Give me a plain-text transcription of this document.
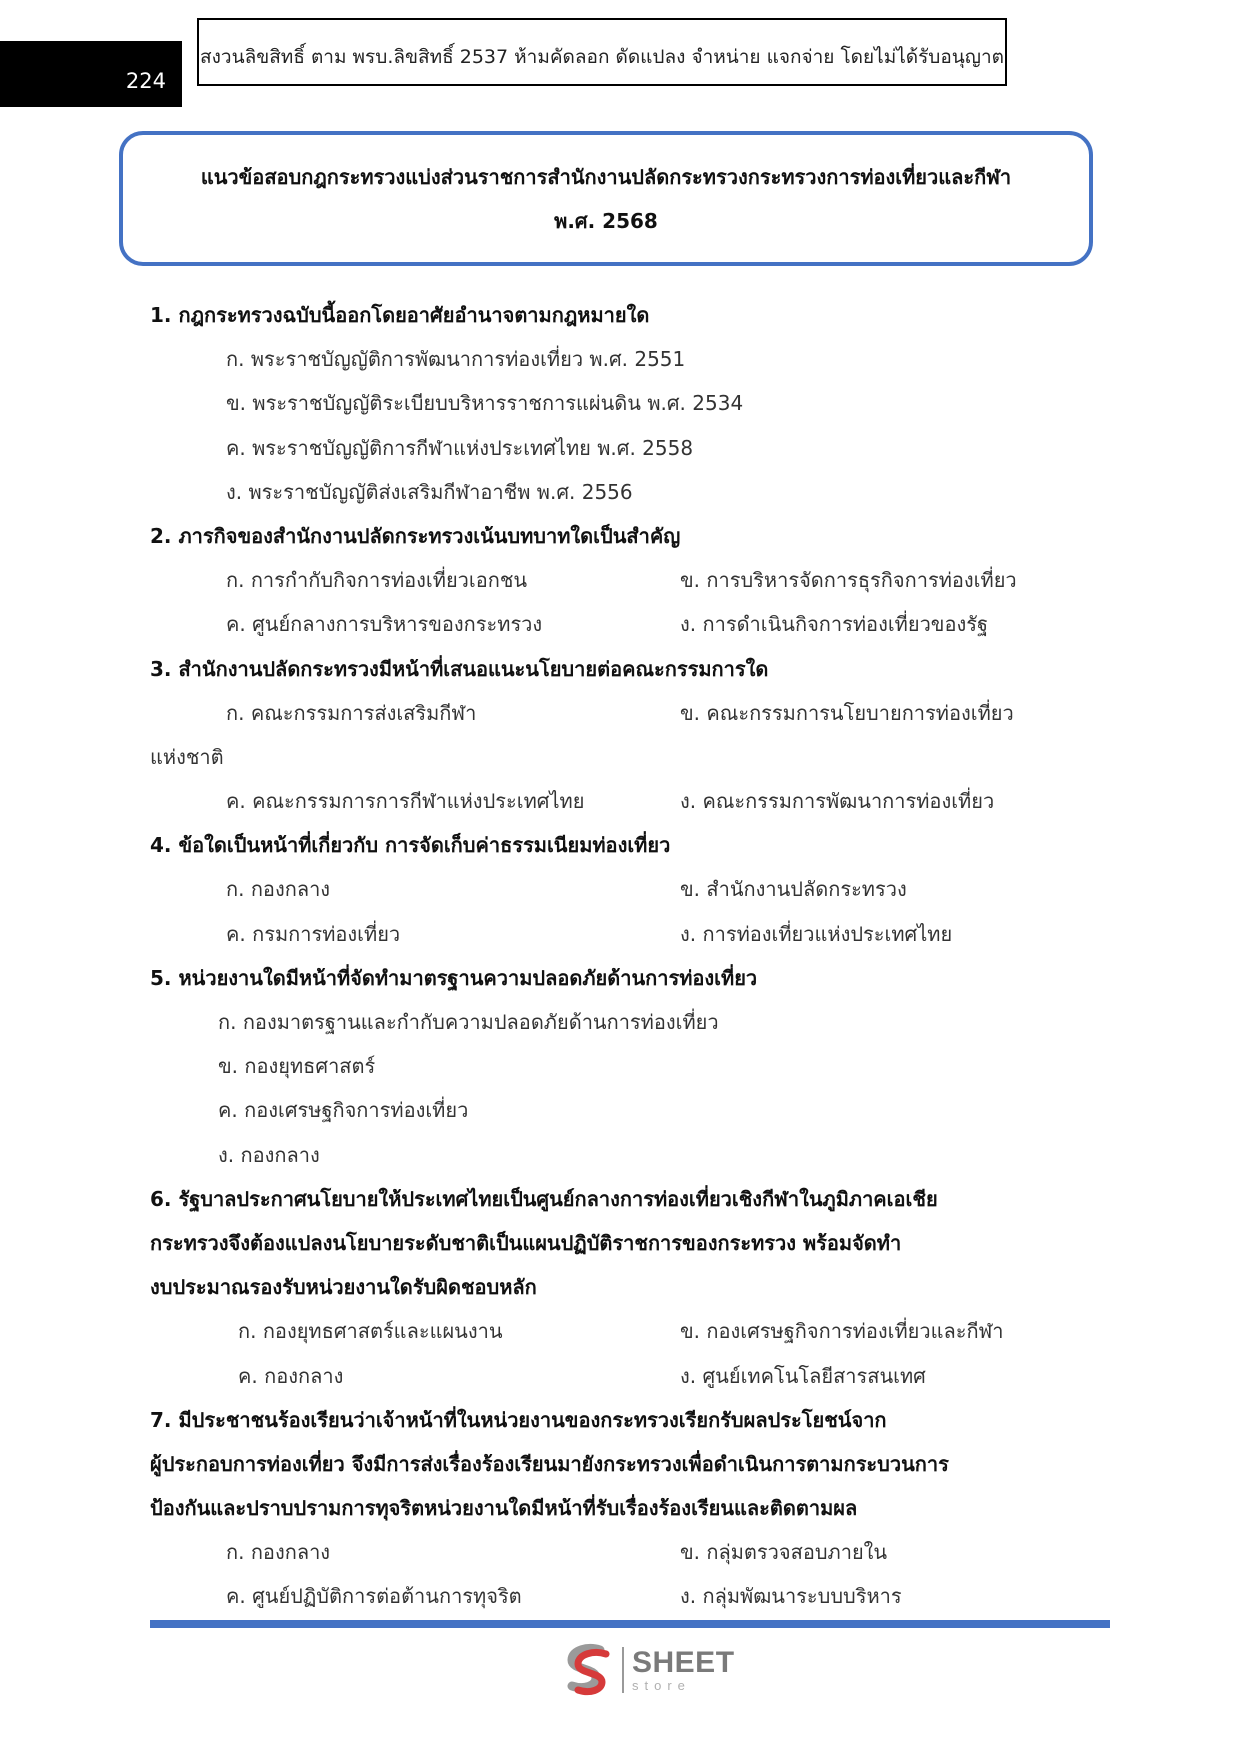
224
สงวนลิขสิทธิ์ ตาม พรบ.ลิขสิทธิ์ 2537 ห้ามคัดลอก ดัดแปลง จำหน่าย แจกจ่าย โดยไม่ได้รับอนุญาต
แนวข้อสอบกฎกระทรวงแบ่งส่วนราชการสำนักงานปลัดกระทรวงกระทรวงการท่องเที่ยวและกีฬา
พ.ศ. 2568
1. กฎกระทรวงฉบับนี้ออกโดยอาศัยอำนาจตามกฎหมายใด
ก. พระราชบัญญัติการพัฒนาการท่องเที่ยว พ.ศ. 2551
ข. พระราชบัญญัติระเบียบบริหารราชการแผ่นดิน พ.ศ. 2534
ค. พระราชบัญญัติการกีฬาแห่งประเทศไทย พ.ศ. 2558
ง. พระราชบัญญัติส่งเสริมกีฬาอาชีพ พ.ศ. 2556
2. ภารกิจของสำนักงานปลัดกระทรวงเน้นบทบาทใดเป็นสำคัญ
ก. การกำกับกิจการท่องเที่ยวเอกชน	ข. การบริหารจัดการธุรกิจการท่องเที่ยว
ค. ศูนย์กลางการบริหารของกระทรวง	ง. การดำเนินกิจการท่องเที่ยวของรัฐ
3. สำนักงานปลัดกระทรวงมีหน้าที่เสนอแนะนโยบายต่อคณะกรรมการใด
ก. คณะกรรมการส่งเสริมกีฬา	ข. คณะกรรมการนโยบายการท่องเที่ยว
แห่งชาติ
ค. คณะกรรมการการกีฬาแห่งประเทศไทย	ง. คณะกรรมการพัฒนาการท่องเที่ยว
4. ข้อใดเป็นหน้าที่เกี่ยวกับ การจัดเก็บค่าธรรมเนียมท่องเที่ยว
ก. กองกลาง	ข. สำนักงานปลัดกระทรวง
ค. กรมการท่องเที่ยว	ง. การท่องเที่ยวแห่งประเทศไทย
5. หน่วยงานใดมีหน้าที่จัดทำมาตรฐานความปลอดภัยด้านการท่องเที่ยว
ก. กองมาตรฐานและกำกับความปลอดภัยด้านการท่องเที่ยว
ข. กองยุทธศาสตร์
ค. กองเศรษฐกิจการท่องเที่ยว
ง. กองกลาง
6. รัฐบาลประกาศนโยบายให้ประเทศไทยเป็นศูนย์กลางการท่องเที่ยวเชิงกีฬาในภูมิภาคเอเชีย
กระทรวงจึงต้องแปลงนโยบายระดับชาติเป็นแผนปฏิบัติราชการของกระทรวง พร้อมจัดทำ
งบประมาณรองรับหน่วยงานใดรับผิดชอบหลัก
ก. กองยุทธศาสตร์และแผนงาน	ข. กองเศรษฐกิจการท่องเที่ยวและกีฬา
ค. กองกลาง	ง. ศูนย์เทคโนโลยีสารสนเทศ
7. มีประชาชนร้องเรียนว่าเจ้าหน้าที่ในหน่วยงานของกระทรวงเรียกรับผลประโยชน์จาก
ผู้ประกอบการท่องเที่ยว จึงมีการส่งเรื่องร้องเรียนมายังกระทรวงเพื่อดำเนินการตามกระบวนการ
ป้องกันและปราบปรามการทุจริตหน่วยงานใดมีหน้าที่รับเรื่องร้องเรียนและติดตามผล
ก. กองกลาง	ข. กลุ่มตรวจสอบภายใน
ค. ศูนย์ปฏิบัติการต่อต้านการทุจริต	ง. กลุ่มพัฒนาระบบบริหาร
SHEET
store
